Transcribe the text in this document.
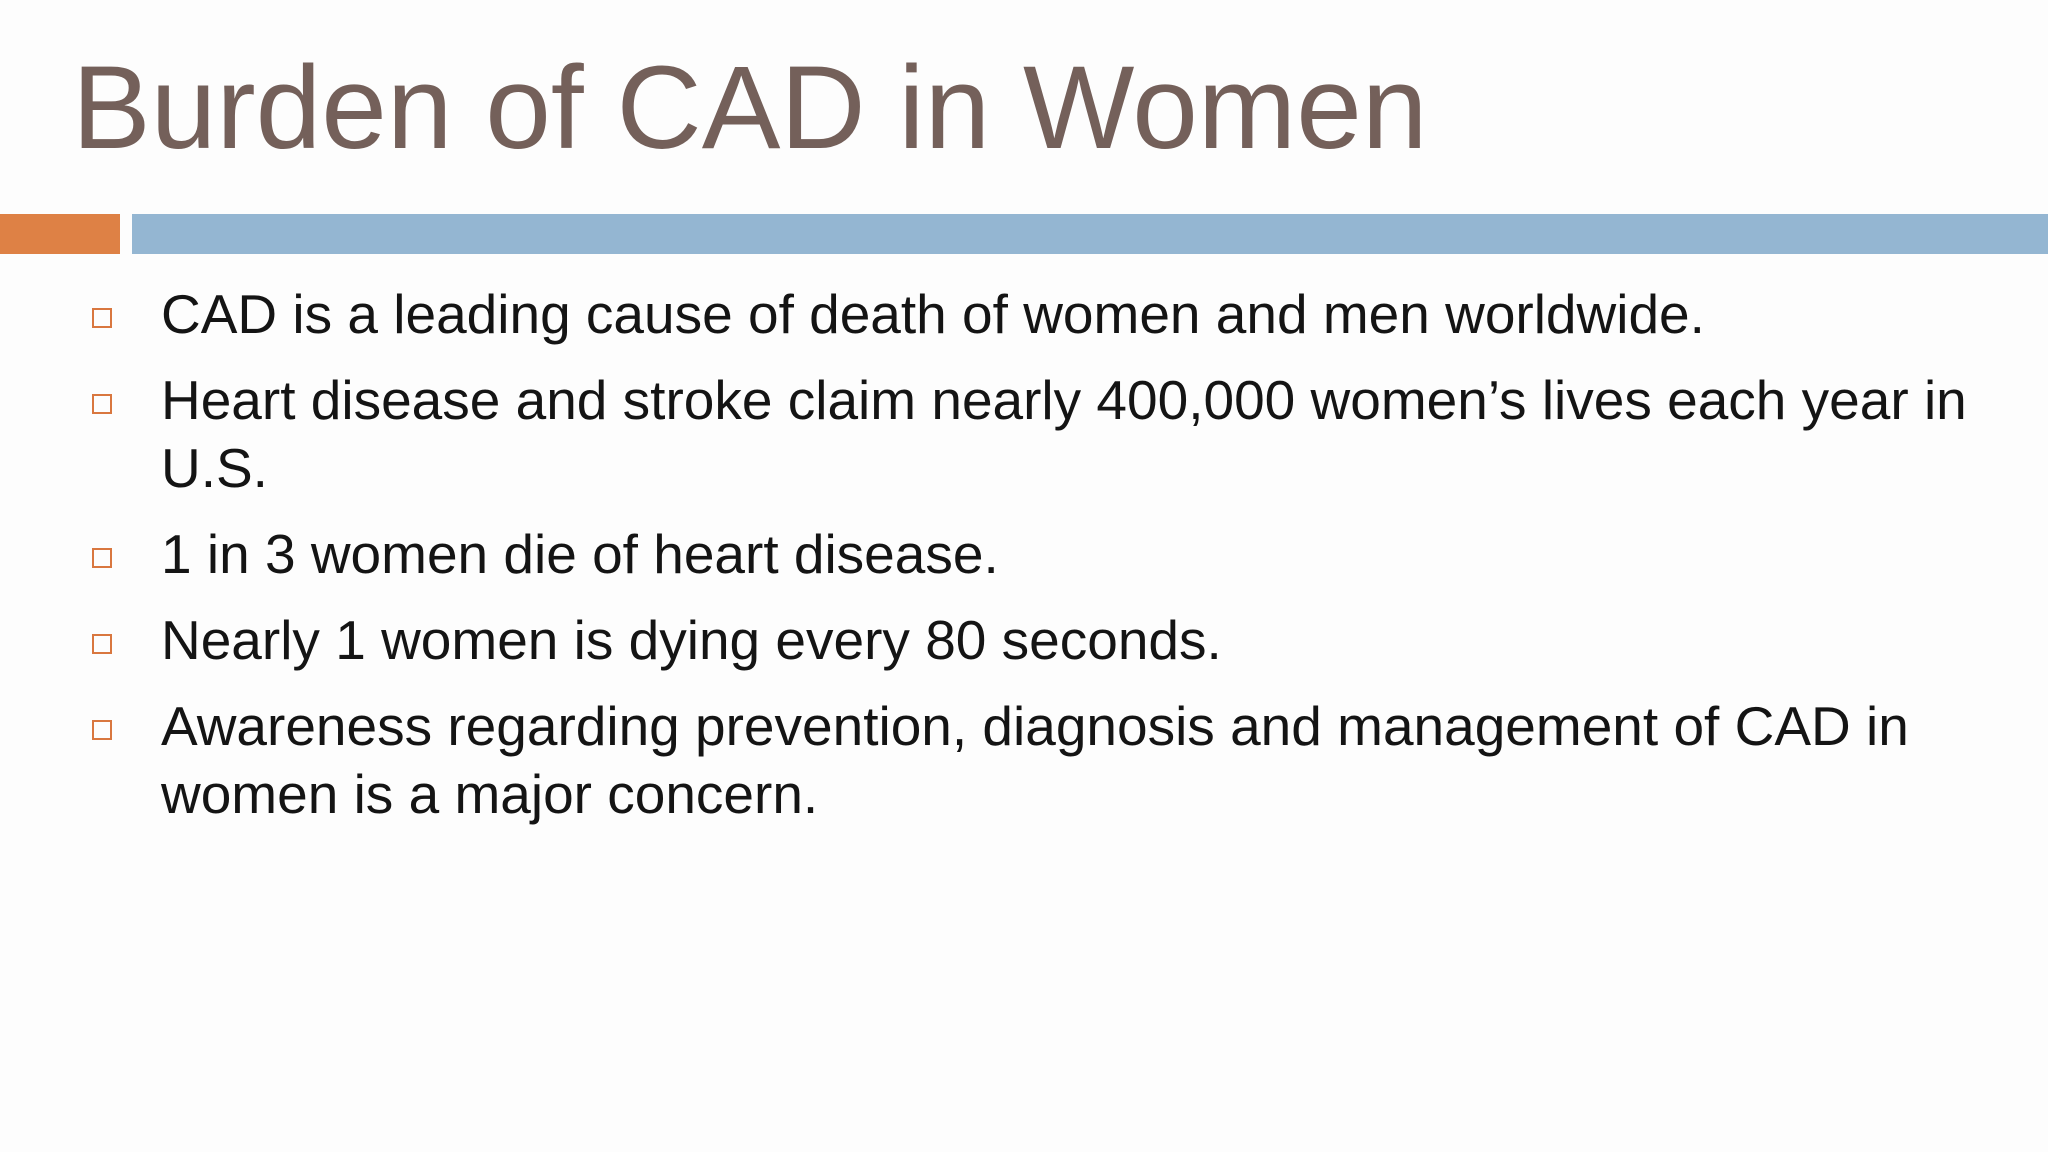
Burden of CAD in Women
CAD is a leading cause of death of women and men worldwide.
Heart disease and stroke claim nearly 400,000 women’s lives each year in U.S.
1 in 3 women die of heart disease.
Nearly 1 women is dying every 80 seconds.
Awareness regarding prevention, diagnosis and management of CAD in women is a major concern.
